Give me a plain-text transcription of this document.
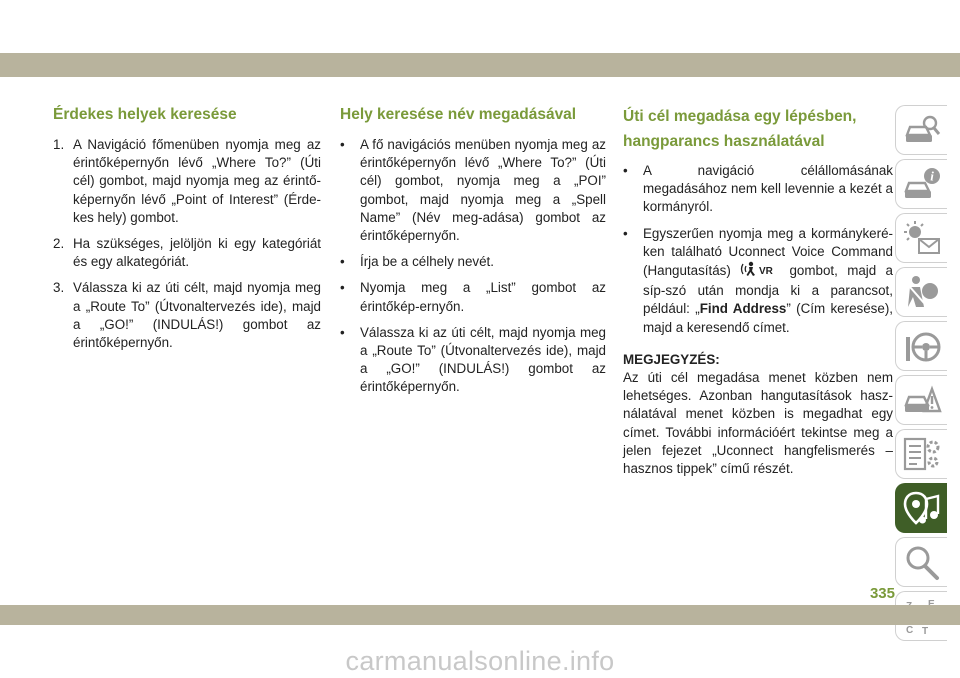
Érdekes helyek keresése
1. A Navigáció főmenüben nyomja meg az érintőképernyőn lévő „Where To?” (Úti cél) gombot, majd nyomja meg az érintő-képernyőn lévő „Point of Interest” (Érde-kes hely) gombot.
2. Ha szükséges, jelöljön ki egy kategóriát és egy alkategóriát.
3. Válassza ki az úti célt, majd nyomja meg a „Route To” (Útvonaltervezés ide), majd a „GO!” (INDULÁS!) gombot az érintőképernyőn.
Hely keresése név megadásával
• A fő navigációs menüben nyomja meg az érintőképernyőn lévő „Where To?” (Úti cél) gombot, nyomja meg a „POI” gombot, majd nyomja meg a „Spell Name” (Név meg-adása) gombot az érintőképernyőn.
• Írja be a célhely nevét.
• Nyomja meg a „List” gombot az érintőkép-ernyőn.
• Válassza ki az úti célt, majd nyomja meg a „Route To” (Útvonaltervezés ide), majd a „GO!” (INDULÁS!) gombot az érintőképernyőn.
Úti cél megadása egy lépésben, hangparancs használatával
• A navigáció célállomásának megadásához nem kell levennie a kezét a kormányról.
• Egyszerűen nyomja meg a kormánykeré-ken található Uconnect Voice Command (Hangutasítás)	VR gombot, majd a síp-szó után mondja ki a parancsot, például: „Find Address” (Cím keresése), majd a keresendő címet.
MEGJEGYZÉS:
Az úti cél megadása menet közben nem lehetséges. Azonban hangutasítások hasz-nálatával menet közben is megadhat egy címet. További információért tekintse meg a jelen fejezet „Uconnect hangfelismerés – hasznos tippek” című részét.
i
C T
335
carmanualsonline.info
